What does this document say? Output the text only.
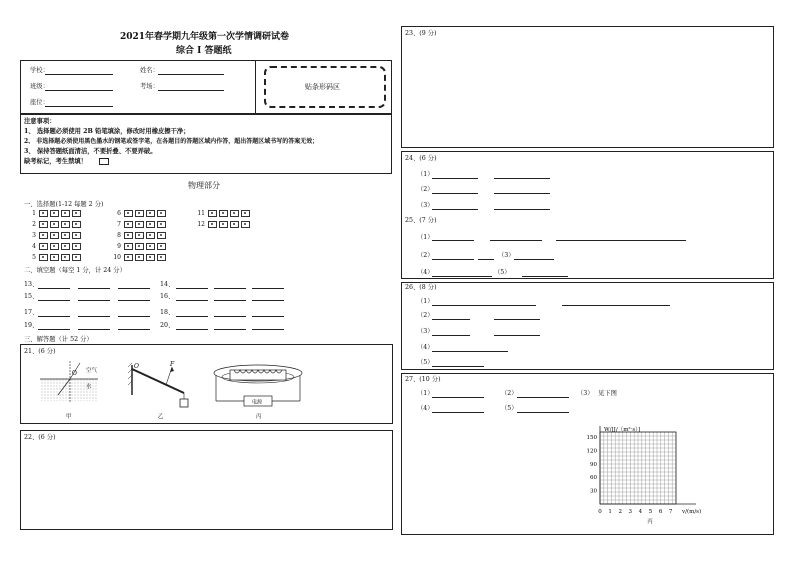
2021年春学期九年级第一次学情调研试卷
综合 I 答题纸
学校：	姓名：
班级：	考场：
座位：
贴条形码区
注意事项：
1、 选择题必须使用 2B 铅笔填涂，修改时用橡皮擦干净；
2、 非选择题必须使用黑色墨水的钢笔或签字笔，在各题目的答题区域内作答，超出答题区域书写的答案无效；
3、 保持答题纸面清洁，不要折叠、不要弄破。
缺考标记，考生禁填！
物理部分
一、选择题(1-12 每题 2 分)
1
2
3
4
5
6
7
8
9
10
11
12
二、填空题（每空 1 分，计 24 分）
13、	14、
15、	16、
17、	18、
19、	20、
三、解答题（计 52 分）
21、(6 分)
O 空气
水
甲
O	F
乙
电源
丙
22、(6 分)
23、(9 分)
24、(6 分)
（1）
（2）
（3）
25、(7 分)
（1）
（2）	（3）
（4）	（5）
26、(8 分)
（1）
（2）
（3）
（4）
（5）
27、(10 分)
（1）	（2）	（3） 见下图
（4）	（5）
30
60
90
120
150
0 1 2 3 4 5 6 7
W/[J/（m²·s）]
v/(m/s)
丙
